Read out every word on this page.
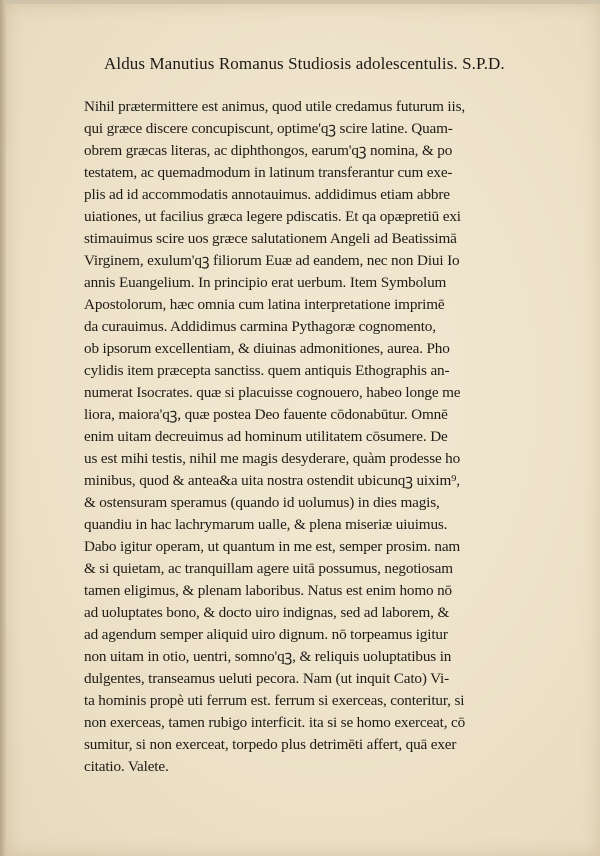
Aldus Manutius Romanus Studiosis adolescentulis. S.P.D.
Nihil prætermittere est animus, quod utile credamus futurum iis,
qui græce discere concupiscunt, optime'qꝫ scire latine. Quam-
obrem græcas literas, ac diphthongos, earum'qꝫ nomina, & po
testatem, ac quemadmodum in latinum transferantur cum exe-
plis ad id accommodatis annotauimus. addidimus etiam abbre
uiationes, ut facilius græca legere pdiscatis. Et qa opæpretiū exi
stimauimus scire uos græce salutationem Angeli ad Beatissimā
Virginem, exulum'qꝫ filiorum Euæ ad eandem, nec non Diui Io
annis Euangelium. In principio erat uerbum. Item Symbolum
Apostolorum, hæc omnia cum latina interpretatione imprimē
da curauimus. Addidimus carmina Pythagoræ cognomento,
ob ipsorum excellentiam, & diuinas admonitiones, aurea. Pho
cylidis item præcepta sanctiss. quem antiquis Ethographis an-
numerat Isocrates. quæ si placuisse cognouero, habeo longe me
liora, maiora'qꝫ, quæ postea Deo fauente cōdonabūtur. Omnē
enim uitam decreuimus ad hominum utilitatem cōsumere. De
us est mihi testis, nihil me magis desyderare, quàm prodesse ho
minibus, quod & antea&a uita nostra ostendit ubicunqꝫ uixim⁹,
& ostensuram speramus (quando id uolumus) in dies magis,
quandiu in hac lachrymarum ualle, & plena miseriæ uiuimus.
Dabo igitur operam, ut quantum in me est, semper prosim. nam
& si quietam, ac tranquillam agere uitā possumus, negotiosam
tamen eligimus, & plenam laboribus. Natus est enim homo nō
ad uoluptates bono, & docto uiro indignas, sed ad laborem, &
ad agendum semper aliquid uiro dignum. nō torpeamus igitur
non uitam in otio, uentri, somno'qꝫ, & reliquis uoluptatibus in
dulgentes, transeamus ueluti pecora. Nam (ut inquit Cato) Vi-
ta hominis propè uti ferrum est. ferrum si exerceas, conteritur, si
non exerceas, tamen rubigo interficit. ita si se homo exerceat, cō
sumitur, si non exerceat, torpedo plus detrimēti affert, quā exer
citatio. Valete.
